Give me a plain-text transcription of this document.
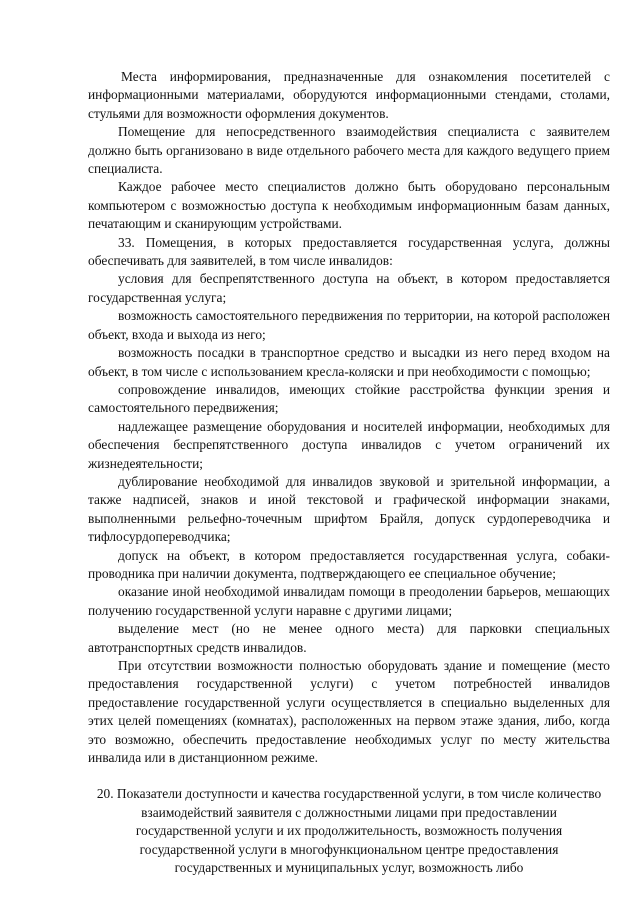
Места информирования, предназначенные для ознакомления посетителей с информационными материалами, оборудуются информационными стендами, столами, стульями для возможности оформления документов.

Помещение для непосредственного взаимодействия специалиста с заявителем должно быть организовано в виде отдельного рабочего места для каждого ведущего прием специалиста.

Каждое рабочее место специалистов должно быть оборудовано персональным компьютером с возможностью доступа к необходимым информационным базам данных, печатающим и сканирующим устройствами.

33. Помещения, в которых предоставляется государственная услуга, должны обеспечивать для заявителей, в том числе инвалидов:

условия для беспрепятственного доступа на объект, в котором предоставляется государственная услуга;

возможность самостоятельного передвижения по территории, на которой расположен объект, входа и выхода из него;

возможность посадки в транспортное средство и высадки из него перед входом на объект, в том числе с использованием кресла-коляски и при необходимости с помощью;

сопровождение инвалидов, имеющих стойкие расстройства функции зрения и самостоятельного передвижения;

надлежащее размещение оборудования и носителей информации, необходимых для обеспечения беспрепятственного доступа инвалидов с учетом ограничений их жизнедеятельности;

дублирование необходимой для инвалидов звуковой и зрительной информации, а также надписей, знаков и иной текстовой и графической информации знаками, выполненными рельефно-точечным шрифтом Брайля, допуск сурдопереводчика и тифлосурдопереводчика;

допуск на объект, в котором предоставляется государственная услуга, собаки-проводника при наличии документа, подтверждающего ее специальное обучение;

оказание иной необходимой инвалидам помощи в преодолении барьеров, мешающих получению государственной услуги наравне с другими лицами;

выделение мест (но не менее одного места) для парковки специальных автотранспортных средств инвалидов.

При отсутствии возможности полностью оборудовать здание и помещение (место предоставления государственной услуги) с учетом потребностей инвалидов предоставление государственной услуги осуществляется в специально выделенных для этих целей помещениях (комнатах), расположенных на первом этаже здания, либо, когда это возможно, обеспечить предоставление необходимых услуг по месту жительства инвалида или в дистанционном режиме.

20. Показатели доступности и качества государственной услуги, в том числе количество взаимодействий заявителя с должностными лицами при предоставлении государственной услуги и их продолжительность, возможность получения государственной услуги в многофункциональном центре предоставления государственных и муниципальных услуг, возможность либо
